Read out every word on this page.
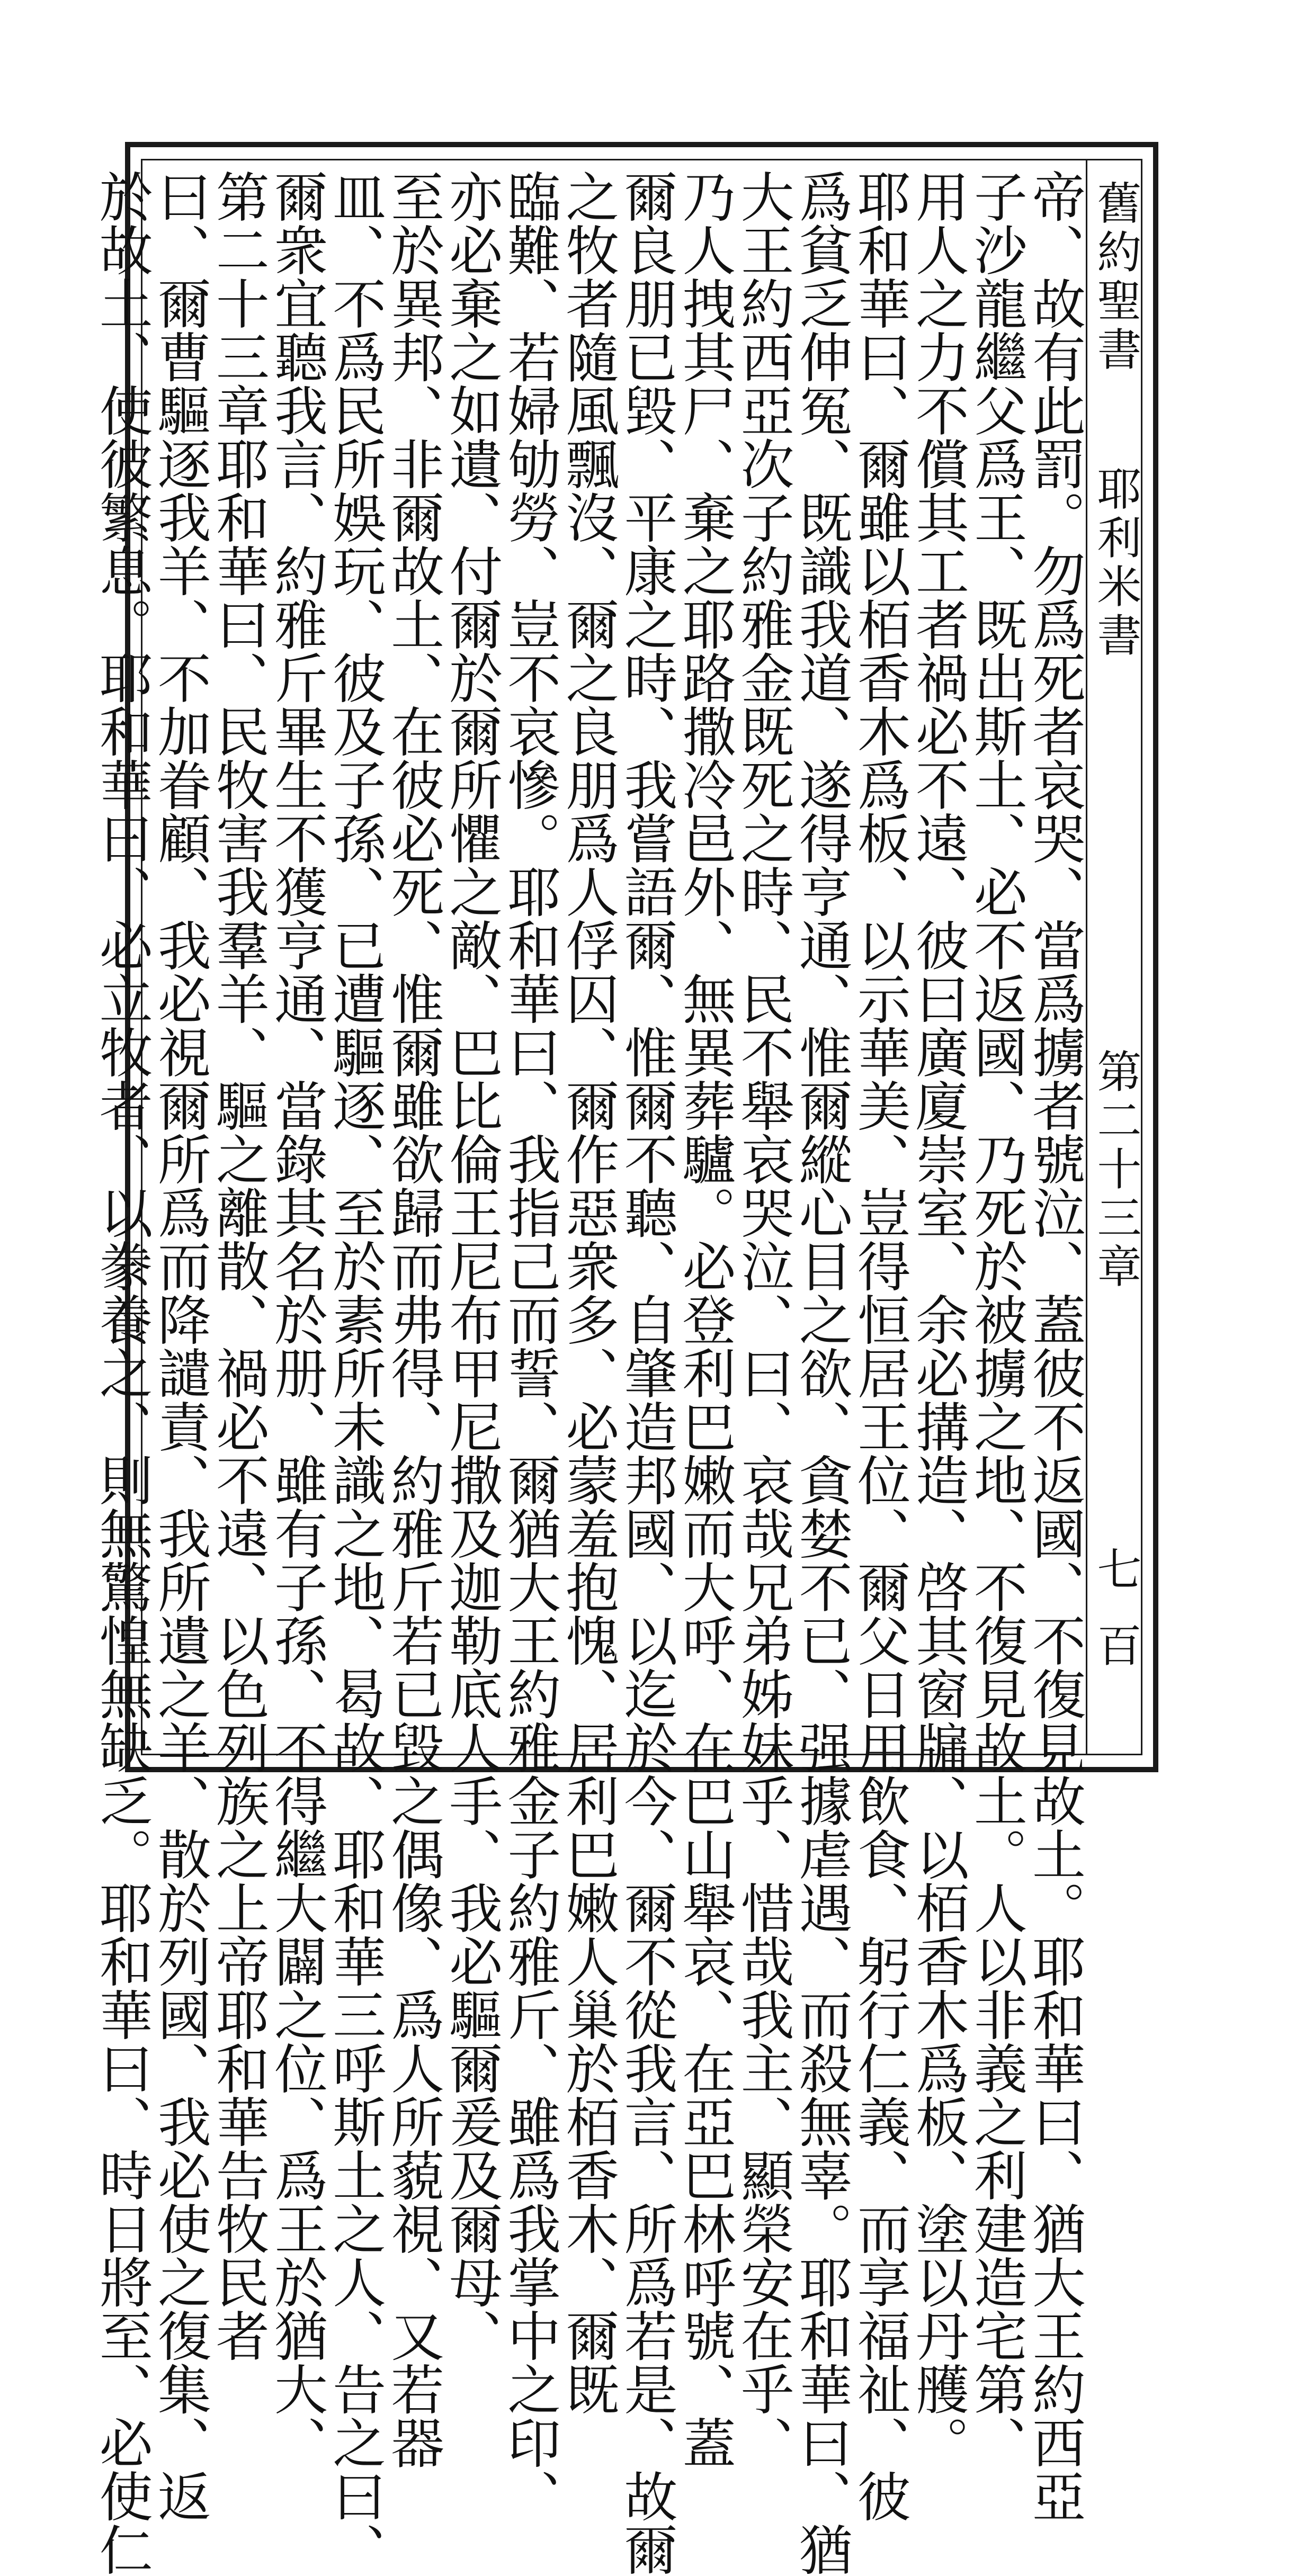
舊約聖書
耶利米書
第二十三章
七百
帝、故有此罰。勿爲死者哀哭、當爲擄者號泣、蓋彼不返國、不復見故土。耶和華曰、猶大王約西亞
子沙龍繼父爲王、既出斯土、必不返國、乃死於被擄之地、不復見故土。人以非義之利建造宅第、
用人之力不償其工者禍必不遠、彼曰廣廈崇室、余必搆造、啓其窗牖、以栢香木爲板、塗以丹雘。
耶和華曰、爾雖以栢香木爲板、以示華美、豈得恒居王位、爾父日用飲食、躬行仁義、而享福祉、彼
爲貧乏伸冤、既識我道、遂得亨通、惟爾縱心目之欲、貪婪不已、强據虐遇、而殺無辜。耶和華曰、猶
大王約西亞次子約雅金既死之時、民不舉哀哭泣、曰、哀哉兄弟姊妹乎、惜哉我主、顯榮安在乎、
乃人拽其尸、棄之耶路撒冷邑外、無異葬驢。必登利巴嫩而大呼、在巴山舉哀、在亞巴林呼號、蓋
爾良朋已毀、平康之時、我嘗語爾、惟爾不聽、自肇造邦國、以迄於今、爾不從我言、所爲若是、故爾
之牧者隨風飄沒、爾之良朋爲人俘囚、爾作惡衆多、必蒙羞抱愧、居利巴嫩人巢於栢香木、爾既
臨難、若婦劬勞、豈不哀慘。耶和華曰、我指己而誓、爾猶大王約雅金子約雅斤、雖爲我掌中之印、
亦必棄之如遺、付爾於爾所懼之敵、巴比倫王尼布甲尼撒及迦勒底人手、我必驅爾爰及爾母、
至於異邦、非爾故土、在彼必死、惟爾雖欲歸而弗得、約雅斤若已毀之偶像、爲人所藐視、又若器
皿、不爲民所娛玩、彼及子孫、已遭驅逐、至於素所未識之地、曷故、耶和華三呼斯土之人、告之曰、
爾衆宜聽我言、約雅斤畢生不獲亨通、當錄其名於册、雖有子孫、不得繼大闢之位、爲王於猶大、
第二十三章耶和華曰、民牧害我羣羊、驅之離散、禍必不遠、以色列族之上帝耶和華告牧民者
曰、爾曹驅逐我羊、不加眷顧、我必視爾所爲而降譴責、我所遺之羊、散於列國、我必使之復集、返
於故土、使彼繁息。耶和華曰、必立牧者、以豢養之、則無驚惶無缺乏。耶和華曰、時日將至、必使仁
